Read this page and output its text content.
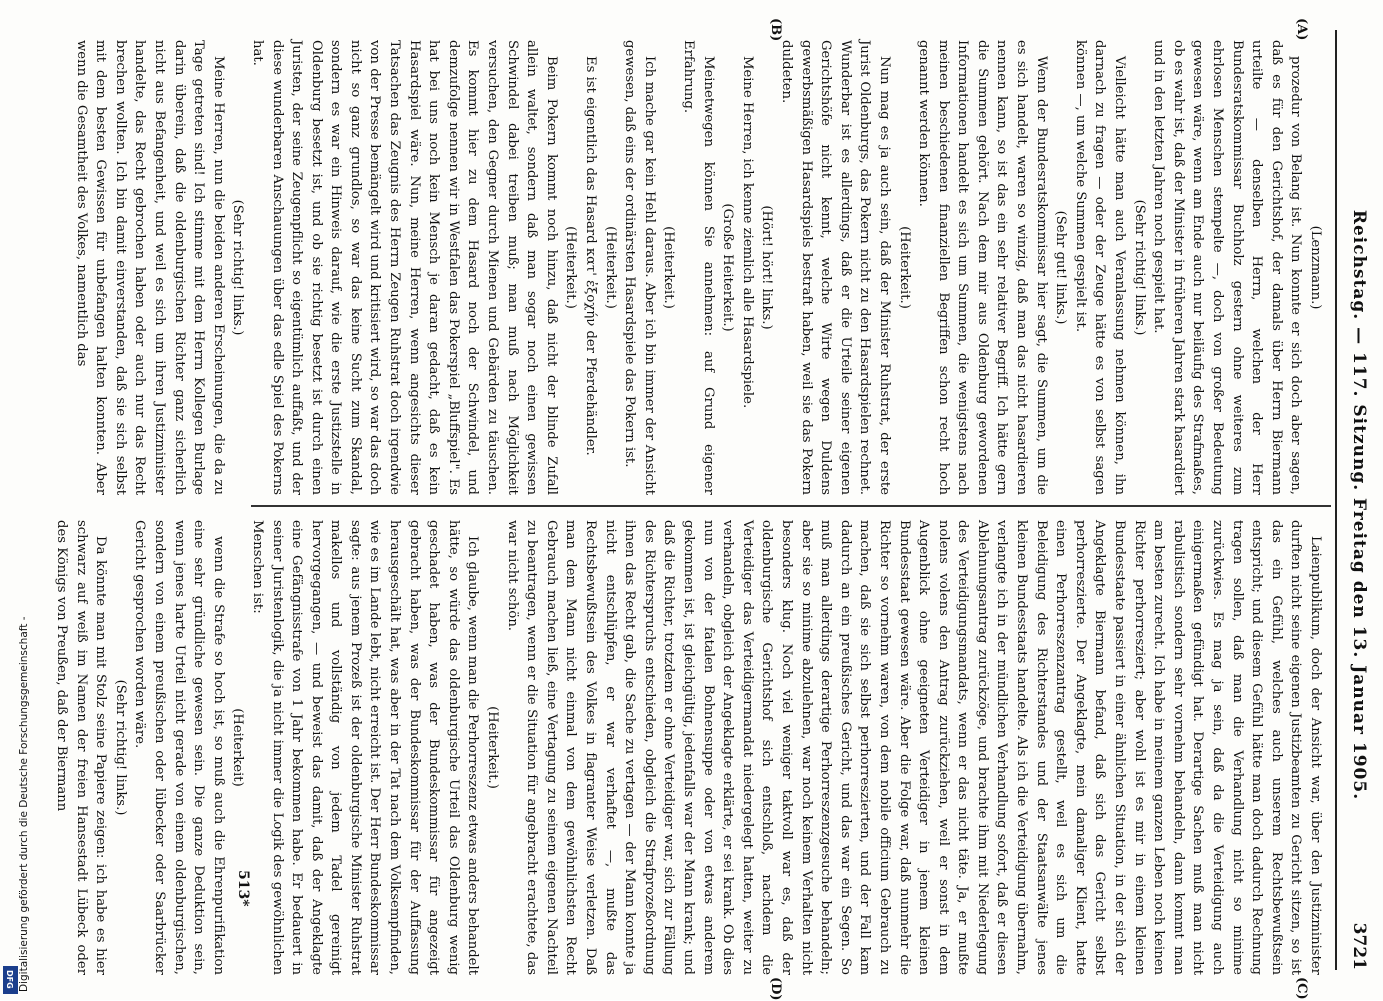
Reichstag. — 117. Sitzung. Freitag den 13. Januar 1905.
3721
(A)
(B)
(C)
(D)

(Lenzmann.)

prozedur von Belang ist. Nun konnte er sich doch aber sagen, daß es für den Gerichtshof, der damals über Herrn Biermann urteilte — denselben Herrn, welchen der Herr Bundesratskommissar Buchholz gestern ohne weiteres zum ehrlosen Menschen stempelte —, doch von großer Bedeutung gewesen wäre, wenn am Ende auch nur beiläufig des Strafmaßes, ob es wahr ist, daß der Minister in früheren Jahren stark hasardiert und in den letzten Jahren noch gespielt hat.

(Sehr richtig! links.)

Vielleicht hätte man auch Veranlassung nehmen können, ihn darnach zu fragen — oder der Zeuge hätte es von selbst sagen können —, um welche Summen gespielt ist.

(Sehr gut! links.)

Wenn der Bundesratskommissar hier sagt, die Summen, um die es sich handelt, waren so winzig, daß man das nicht hasardieren nennen kann, so ist das ein sehr relativer Begriff. Ich hätte gern die Summen gehört. Nach dem mir aus Oldenburg gewordenen Informationen handelt es sich um Summen, die wenigstens nach meinen beschiedenen finanziellen Begriffen schon recht hoch genannt werden können.

(Heiterkeit.)

Nun mag es ja auch sein, daß der Minister Ruhstrat, der erste Jurist Oldenburgs, das Pokern nicht zu den Hasardspielen rechnet. Wunderbar ist es allerdings, daß er die Urteile seiner eigenen Gerichtshöfe nicht kennt, welche Wirte wegen Duldens gewerbsmäßigen Hasardspiels bestraft haben, weil sie das Pokern duldeten.

(Hört! hört! links.)

Meine Herren, ich kenne ziemlich alle Hasardspiele.

(Große Heiterkeit.)

Meinetwegen können Sie annehmen: auf Grund eigener Erfahrung.

(Heiterkeit.)

Ich mache gar kein Hehl daraus. Aber ich bin immer der Ansicht gewesen, daß eins der ordinärsten Hasardspiele das Pokern ist.

(Heiterkeit.)

Es ist eigentlich das Hasard κατ' ἐξοχήν der Pferdehändler.

(Heiterkeit.)

Beim Pokern kommt noch hinzu, daß nicht der blinde Zufall allein waltet, sondern daß man sogar noch einen gewissen Schwindel dabei treiben muß; man muß nach Möglichkeit versuchen, den Gegner durch Mienen und Gebärden zu täuschen. Es kommt hier zu dem Hasard noch der Schwindel, und demzufolge nennen wir in Westfalen das Pokerspiel „Bluffspiel". Es hat bei uns noch kein Mensch je daran gedacht, daß es kein Hasardspiel wäre. Nun, meine Herren, wenn angesichts dieser Tatsachen das Zeugnis des Herrn Zeugen Ruhstrat doch irgendwie von der Presse bemängelt wird und kritisiert wird, so war das doch nicht so ganz grundlos, so war das keine Sucht zum Skandal, sondern es war ein Hinweis darauf, wie die erste Justizstelle in Oldenburg besetzt ist, und ob sie richtig besetzt ist durch einen Juristen, der seine Zeugenpflicht so eigentümlich auffaßt, und der diese wunderbaren Anschauungen über das edle Spiel des Pokerns hat.

(Sehr richtig! links.)

Meine Herren, nun die beiden anderen Erscheinungen, die da zu Tage getreten sind! Ich stimme mit dem Herrn Kollegen Burlage darin überein, daß die oldenburgischen Richter ganz sicherlich nicht aus Befangenheit, und weil es sich um ihren Justizminister handelte, das Recht gebrochen haben oder auch nur das Recht brechen wollten. Ich bin damit einverstanden, daß sie sich selbst mit dem besten Gewissen für unbefangen halten konnten. Aber wenn die Gesamtheit des Volkes, namentlich das

Laienpublikum, doch der Ansicht war, über den Justizminister durften nicht seine eigenen Justizbeamten zu Gericht sitzen, so ist das ein Gefühl, welches auch unserem Rechtsbewußtsein entspricht; und diesem Gefühl hätte man doch dadurch Rechnung tragen sollen, daß man die Verhandlung nicht so minime zurückwies. Es mag ja sein, daß da die Verteidigung auch einigermaßen gefündigt hat. Derartige Sachen muß man nicht rabulistisch sondern sehr vornehm behandeln, dann kommt man am besten zurecht. Ich habe in meinem ganzen Leben noch keinen Richter perhorresziert; aber wohl ist es mir in einem kleinen Bundesstaate passiert in einer ähnlichen Situation, in der sich der Angeklagte Biermann befand, daß sich das Gericht selbst perhorreszierte. Der Angeklagte, mein damaliger Klient, hatte einen Perhorreszenzantrag gestellt, weil es sich um die Beleidigung des Richterstandes und der Staatsanwälte jenes kleinen Bundesstaats handelte. Als ich die Verteidigung übernahm, verlangte ich in der mündlichen Verhandlung sofort, daß er diesen Ablehnungsantrag zurückzöge, und brachte ihm mit Niederlegung des Verteidigungsmandats, wenn er das nicht täte. Ja, er mußte nolens volens den Antrag zurückziehen, weil er sonst in dem Augenblick ohne geeigneten Verteidiger in jenem kleinen Bundesstaat gewesen wäre. Aber die Folge war, daß nunmehr die Richter so vornehm waren, von dem nobile officium Gebrauch zu machen, daß sie sich selbst perhorreszierten, und der Fall kam dadurch an ein preußisches Gericht, und das war ein Segen. So muß man allerdings derartige Perhorreszenzgesuche behandeln; aber sie so minime abzulehnen, war noch keinem Verhalten nicht besonders klug. Noch viel weniger taktvoll war es, daß der oldenburgische Gerichtshof sich entschloß, nachdem die Verteidiger das Verteidigermandat niedergelegt hatten, weiter zu verhandeln, obgleich der Angeklagte erklärte, er sei krank. Ob dies nun von der fatalen Bohnensuppe oder von etwas anderem gekommen ist, ist gleichgültig, jedenfalls war der Mann krank; und daß die Richter, trotzdem er ohne Verteidiger war, sich zur Fällung des Richterspruchs entschieden, obgleich die Strafprozeßordnung ihnen das Recht gab, die Sache zu vertagen — der Mann konnte ja nicht entschlüpfen, er war verhaftet —, mußte das Rechtsbewußtsein des Volkes in flagranter Weise verletzen. Daß man dem Mann nicht einmal von dem gewöhnlichsten Recht Gebrauch machen ließ, eine Vertagung zu seinem eigenen Nachteil zu beantragen, wenn er die Situation für angebracht erachtete, das war nicht schön.

(Heiterkeit.)

Ich glaube, wenn man die Perhorreszenz etwas anders behandelt hätte, so würde das oldenburgische Urteil das Oldenburg wenig geschadet haben, was der Bundeskommissar für angezeigt gebracht haben, was der Bundeskommissar für der Auffassung herausgeschält hat, was aber in der Tat nach dem Volksempfinden, wie es im Lande lebt, nicht erreicht ist. Der Herr Bundeskommissar sagte: aus jenem Prozeß ist der oldenburgische Minister Ruhstrat makellos und vollständig von jedem Tadel gereinigt hervorgegangen, — und beweist das damit, daß der Angeklagte eine Gefängnisstrafe von 1 Jahr bekommen habe. Er bedauert in seiner Juristenlogik, die ja nicht immer die Logik des gewöhnlichen Menschen ist:

(Heiterkeit)

wenn die Strafe so hoch ist, so muß auch die Ehrenpurifikation eine sehr gründliche gewesen sein. Die ganze Deduktion sein, wenn jenes harte Urteil nicht gerade von einem oldenburgischen, sondern von einem preußischen oder lübecker oder Saarbrücker Gericht gesprochen worden wäre.

(Sehr richtig! links.)

Da könnte man mit Stolz seine Papiere zeigen: ich habe es hier schwarz auf weiß im Namen der freien Hansestadt Lübeck oder des Königs von Preußen, daß der Biermann

513*
Digitalisierung gefördert durch die Deutsche Forschungsgemeinschaft -
DFG
